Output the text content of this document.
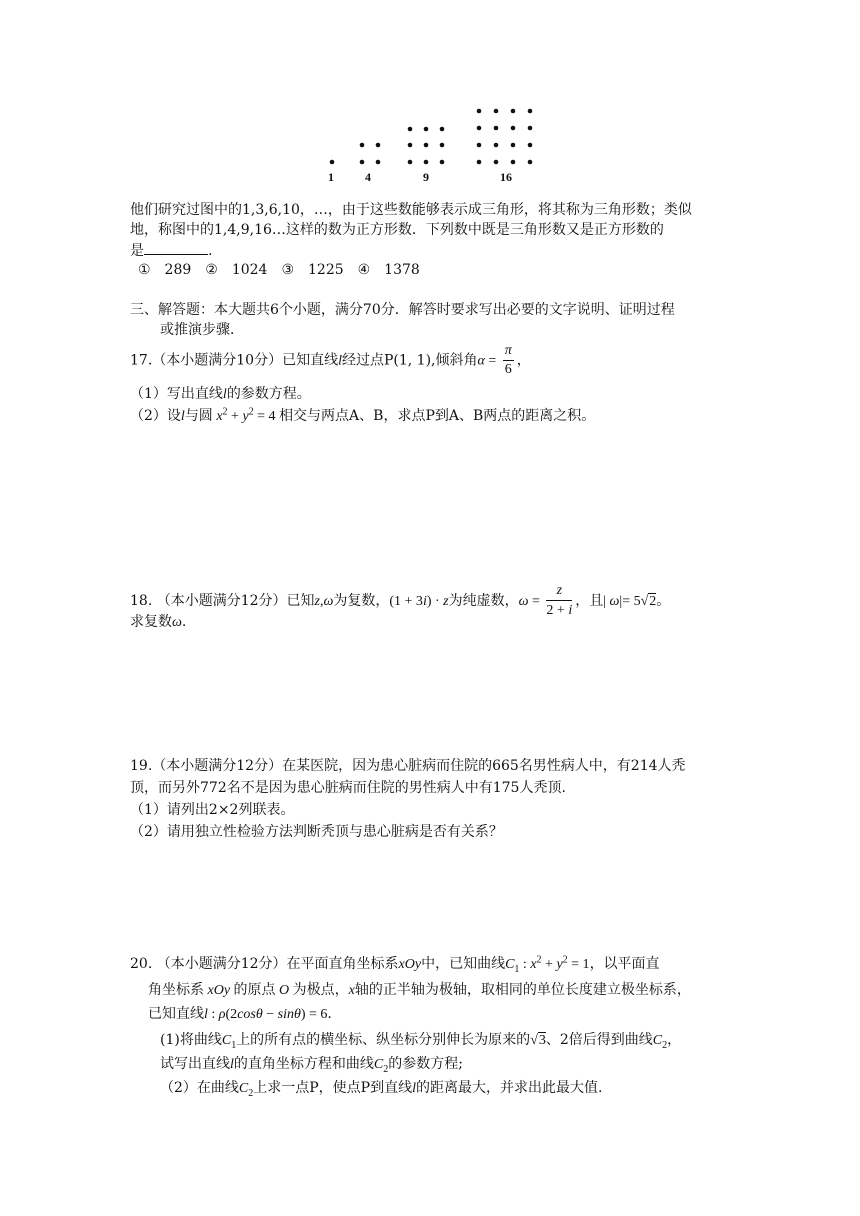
1	4	9	16
他们研究过图中的1,3,6,10，…，由于这些数能够表示成三角形，将其称为三角形数；类似
地，称图中的1,4,9,16…这样的数为正方形数．下列数中既是三角形数又是正方形数的
是	.
①　289　②　1024　③　1225　④　1378
三、解答题：本大题共6个小题，满分70分．解答时要求写出必要的文字说明、证明过程
或推演步骤．
17.（本小题满分10分）已知直线l经过点P(1, 1),倾斜角$\alpha = \frac{\pi}{6}$ ，
（1）写出直线l的参数方程。
（2）设l与圆 $x^2 + y^2 = 4$ 相交与两点A、B，求点P到A、B两点的距离之积。
18. （本小题满分12分）已知z,ω为复数，(1 + 3i) · z为纯虚数，$\omega = \frac{z}{2 + i}$ ，且| ω|= 5√2。
求复数ω.
19.（本小题满分12分）在某医院，因为患心脏病而住院的665名男性病人中，有214人秃
顶，而另外772名不是因为患心脏病而住院的男性病人中有175人秃顶.
（1）请列出2×2列联表。
（2）请用独立性检验方法判断秃顶与患心脏病是否有关系？
20. （本小题满分12分）在平面直角坐标系xOy中，已知曲线$C_1$ : $x^2 + y^2 = 1$，以平面直
角坐标系 xOy 的原点 O 为极点，x轴的正半轴为极轴，取相同的单位长度建立极坐标系，
已知直线l : ρ(2cosθ − sinθ) = 6.
(1)将曲线$C_1$上的所有点的横坐标、纵坐标分别伸长为原来的√3、2倍后得到曲线$C_2$，
试写出直线l的直角坐标方程和曲线$C_2$的参数方程;
（2）在曲线$C_2$上求一点P，使点P到直线l的距离最大，并求出此最大值.
